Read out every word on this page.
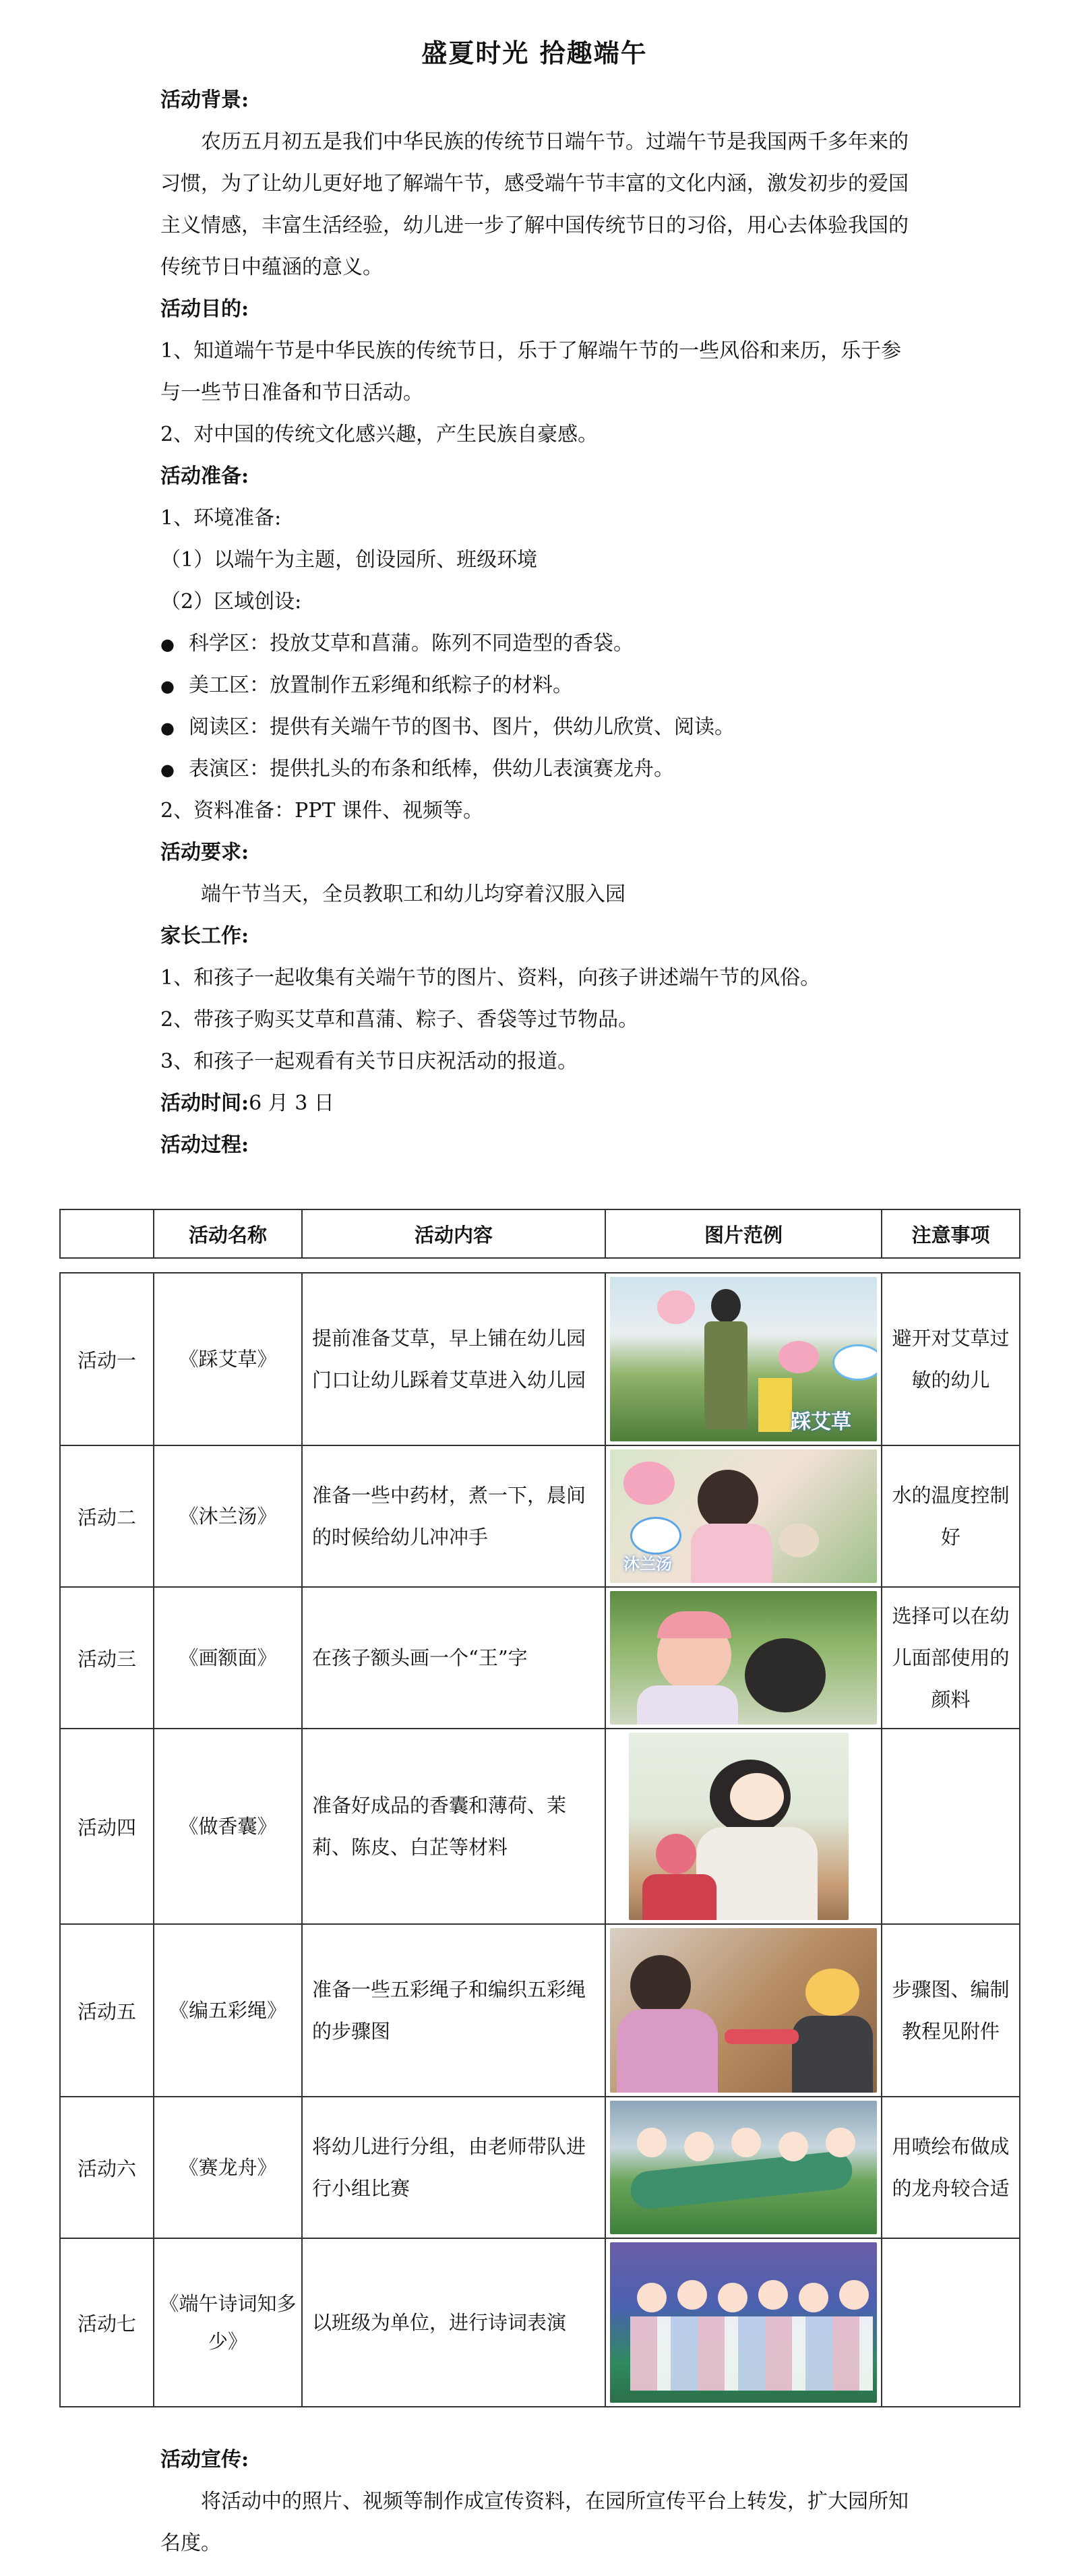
盛夏时光 拾趣端午
活动背景:
农历五月初五是我们中华民族的传统节日端午节。过端午节是我国两千多年来的习惯，为了让幼儿更好地了解端午节，感受端午节丰富的文化内涵，激发初步的爱国主义情感，丰富生活经验，幼儿进一步了解中国传统节日的习俗，用心去体验我国的传统节日中蕴涵的意义。
活动目的:
1、知道端午节是中华民族的传统节日，乐于了解端午节的一些风俗和来历，乐于参与一些节日准备和节日活动。
2、对中国的传统文化感兴趣，产生民族自豪感。
活动准备:
1、环境准备:
（1）以端午为主题，创设园所、班级环境
（2）区域创设:
● 科学区：投放艾草和菖蒲。陈列不同造型的香袋。
● 美工区：放置制作五彩绳和纸粽子的材料。
● 阅读区：提供有关端午节的图书、图片，供幼儿欣赏、阅读。
● 表演区：提供扎头的布条和纸棒，供幼儿表演赛龙舟。
2、资料准备：PPT 课件、视频等。
活动要求:
端午节当天，全员教职工和幼儿均穿着汉服入园
家长工作:
1、和孩子一起收集有关端午节的图片、资料，向孩子讲述端午节的风俗。
2、带孩子购买艾草和菖蒲、粽子、香袋等过节物品。
3、和孩子一起观看有关节日庆祝活动的报道。
活动时间:6 月 3 日
活动过程:
	活动名称	活动内容	图片范例	注意事项

活动一	《踩艾草》	提前准备艾草，早上铺在幼儿园门口让幼儿踩着艾草进入幼儿园	踩艾草	避开对艾草过敏的幼儿
活动二	《沐兰汤》	准备一些中药材，煮一下，晨间的时候给幼儿冲冲手	沐兰汤	水的温度控制好
活动三	《画额面》	在孩子额头画一个“王”字		选择可以在幼儿面部使用的颜料
活动四	《做香囊》	准备好成品的香囊和薄荷、茉莉、陈皮、白芷等材料	

活动五	《编五彩绳》	准备一些五彩绳子和编织五彩绳的步骤图		步骤图、编制教程见附件
活动六	《赛龙舟》	将幼儿进行分组，由老师带队进行小组比赛		用喷绘布做成的龙舟较合适
活动七	《端午诗词知多少》	以班级为单位，进行诗词表演	

活动宣传:
将活动中的照片、视频等制作成宣传资料，在园所宣传平台上转发，扩大园所知名度。
